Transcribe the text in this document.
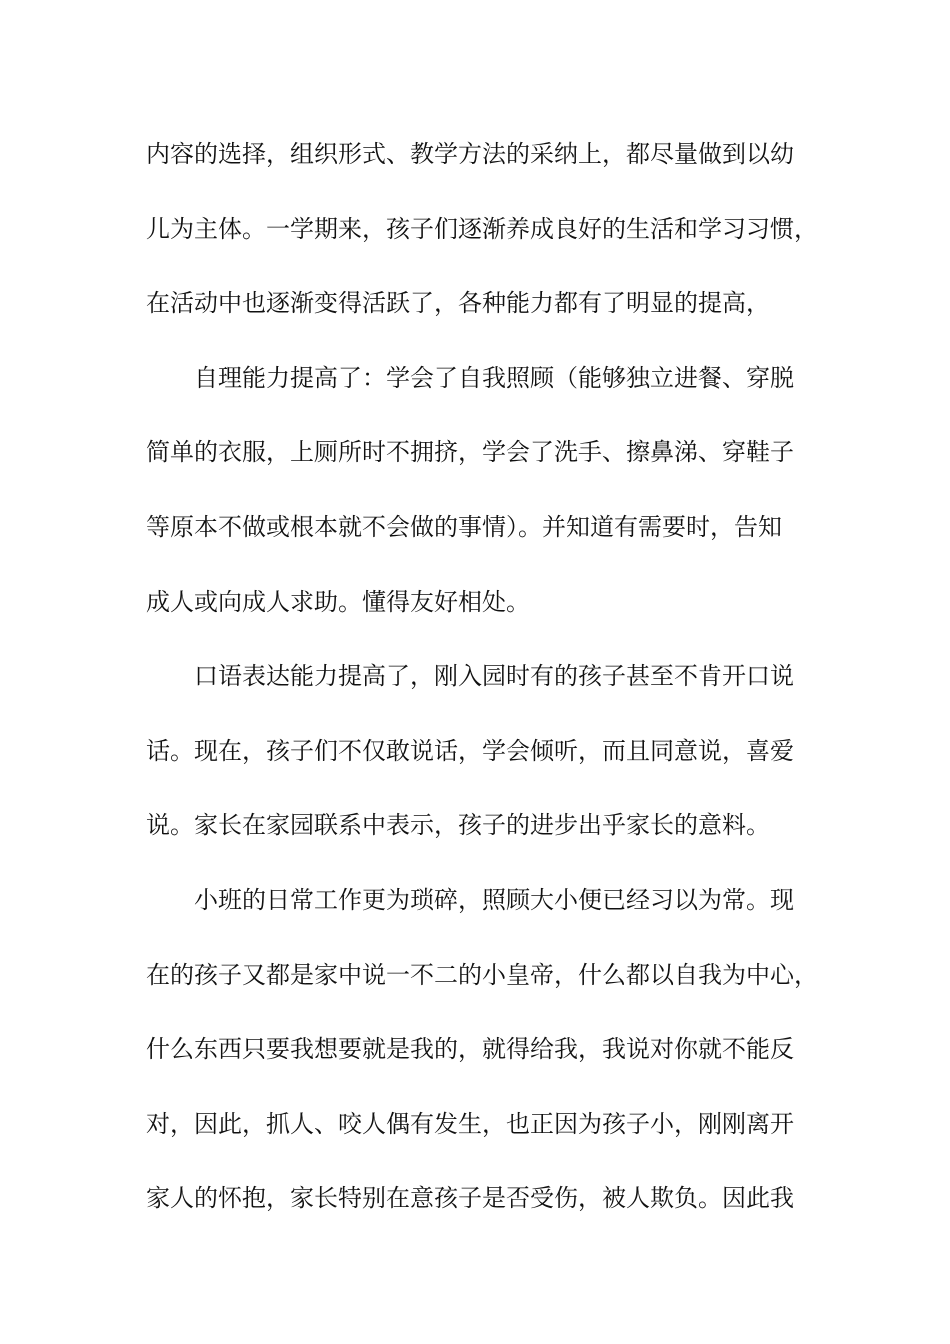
内容的选择，组织形式、教学方法的采纳上，都尽量做到以幼
儿为主体。一学期来，孩子们逐渐养成良好的生活和学习习惯，
在活动中也逐渐变得活跃了，各种能力都有了明显的提高，
自理能力提高了：学会了自我照顾（能够独立进餐、穿脱
简单的衣服，上厕所时不拥挤，学会了洗手、擦鼻涕、穿鞋子
等原本不做或根本就不会做的事情）。并知道有需要时，告知
成人或向成人求助。懂得友好相处。
口语表达能力提高了，刚入园时有的孩子甚至不肯开口说
话。现在，孩子们不仅敢说话，学会倾听，而且同意说，喜爱
说。家长在家园联系中表示，孩子的进步出乎家长的意料。
小班的日常工作更为琐碎，照顾大小便已经习以为常。现
在的孩子又都是家中说一不二的小皇帝，什么都以自我为中心，
什么东西只要我想要就是我的，就得给我，我说对你就不能反
对，因此，抓人、咬人偶有发生，也正因为孩子小，刚刚离开
家人的怀抱，家长特别在意孩子是否受伤，被人欺负。因此我
